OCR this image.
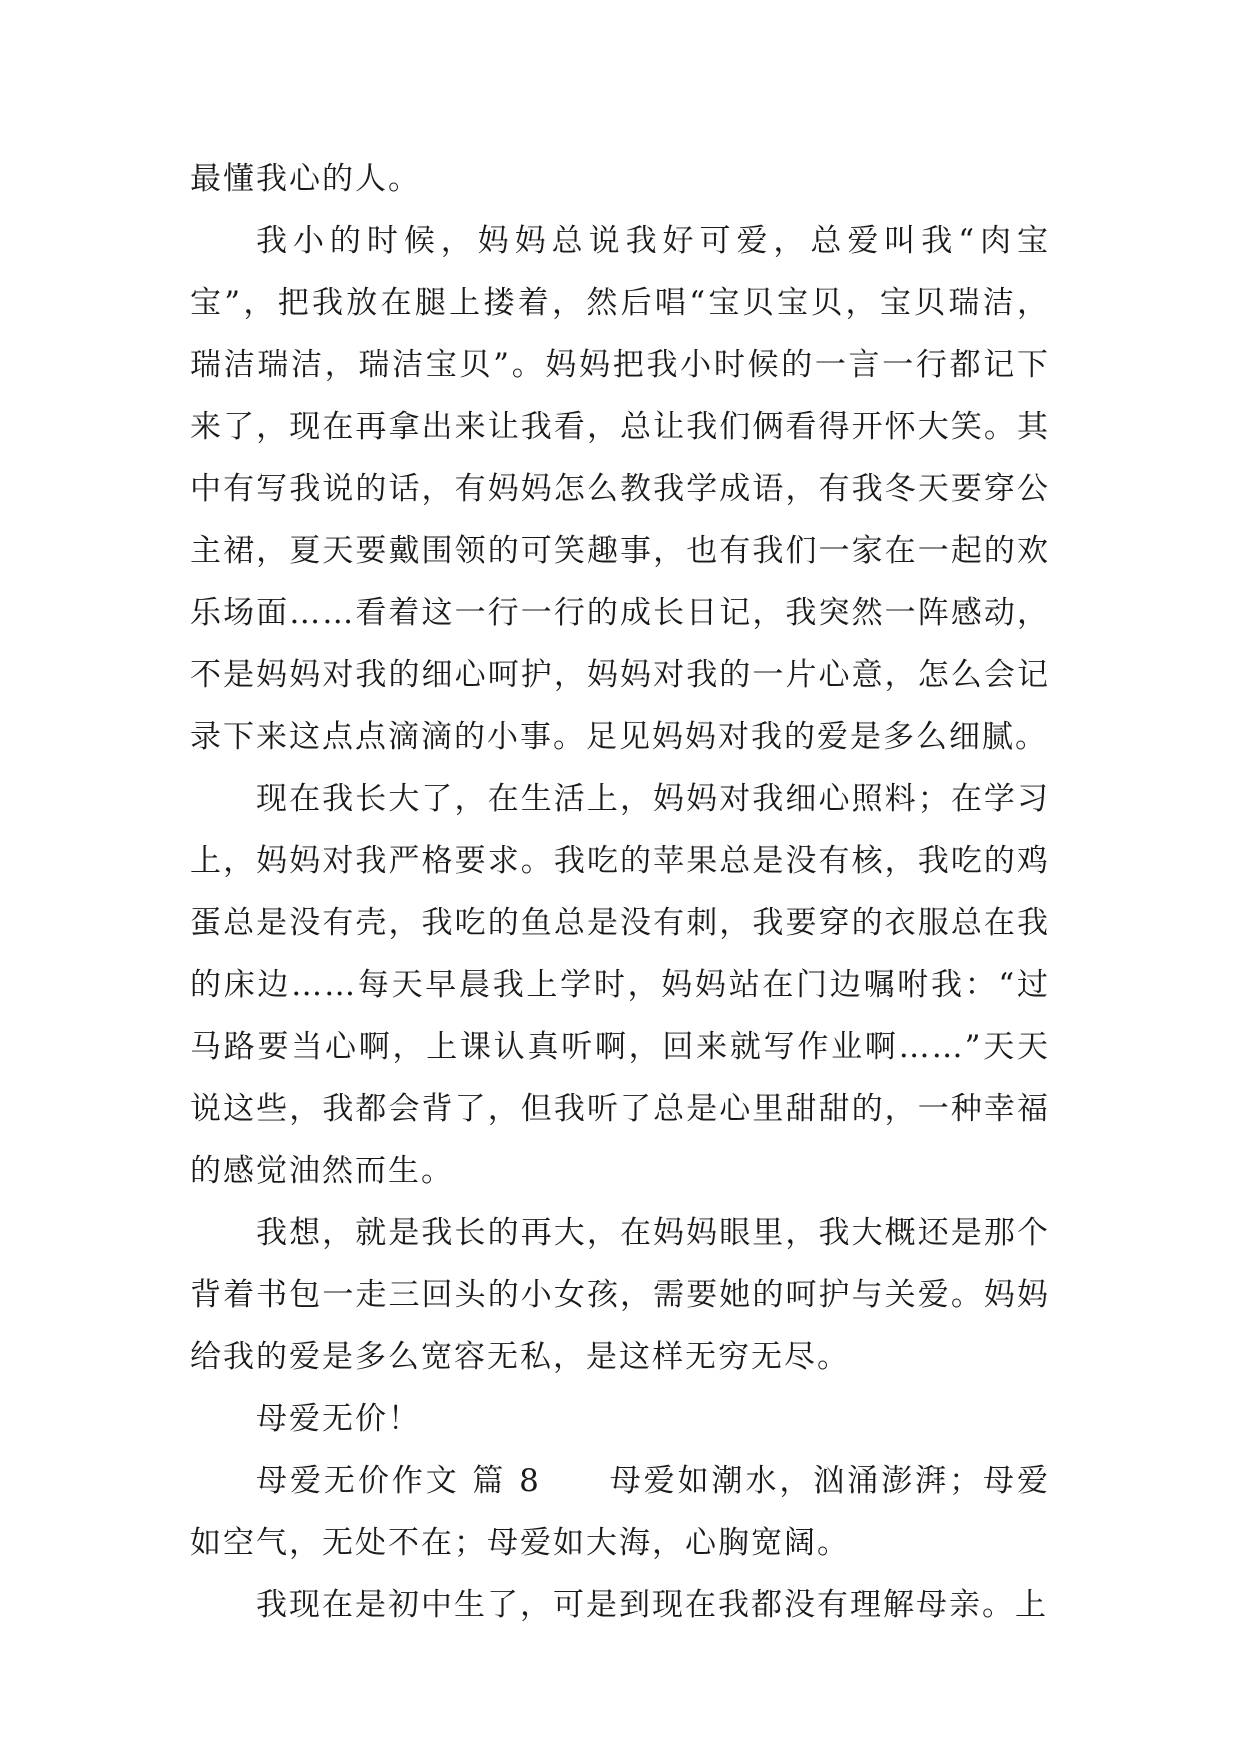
最懂我心的人。

我小的时候，妈妈总说我好可爱，总爱叫我“肉宝宝”，把我放在腿上搂着，然后唱“宝贝宝贝，宝贝瑞洁，瑞洁瑞洁，瑞洁宝贝”。妈妈把我小时候的一言一行都记下来了，现在再拿出来让我看，总让我们俩看得开怀大笑。其中有写我说的话，有妈妈怎么教我学成语，有我冬天要穿公主裙，夏天要戴围领的可笑趣事，也有我们一家在一起的欢乐场面……看着这一行一行的成长日记，我突然一阵感动，不是妈妈对我的细心呵护，妈妈对我的一片心意，怎么会记录下来这点点滴滴的小事。足见妈妈对我的爱是多么细腻。

现在我长大了，在生活上，妈妈对我细心照料；在学习上，妈妈对我严格要求。我吃的苹果总是没有核，我吃的鸡蛋总是没有壳，我吃的鱼总是没有刺，我要穿的衣服总在我的床边……每天早晨我上学时，妈妈站在门边嘱咐我：“过马路要当心啊，上课认真听啊，回来就写作业啊……”天天说这些，我都会背了，但我听了总是心里甜甜的，一种幸福的感觉油然而生。

我想，就是我长的再大，在妈妈眼里，我大概还是那个背着书包一走三回头的小女孩，需要她的呵护与关爱。妈妈给我的爱是多么宽容无私，是这样无穷无尽。

母爱无价！

母爱无价作文 篇 8　　母爱如潮水，汹涌澎湃；母爱如空气，无处不在；母爱如大海，心胸宽阔。

我现在是初中生了，可是到现在我都没有理解母亲。上
